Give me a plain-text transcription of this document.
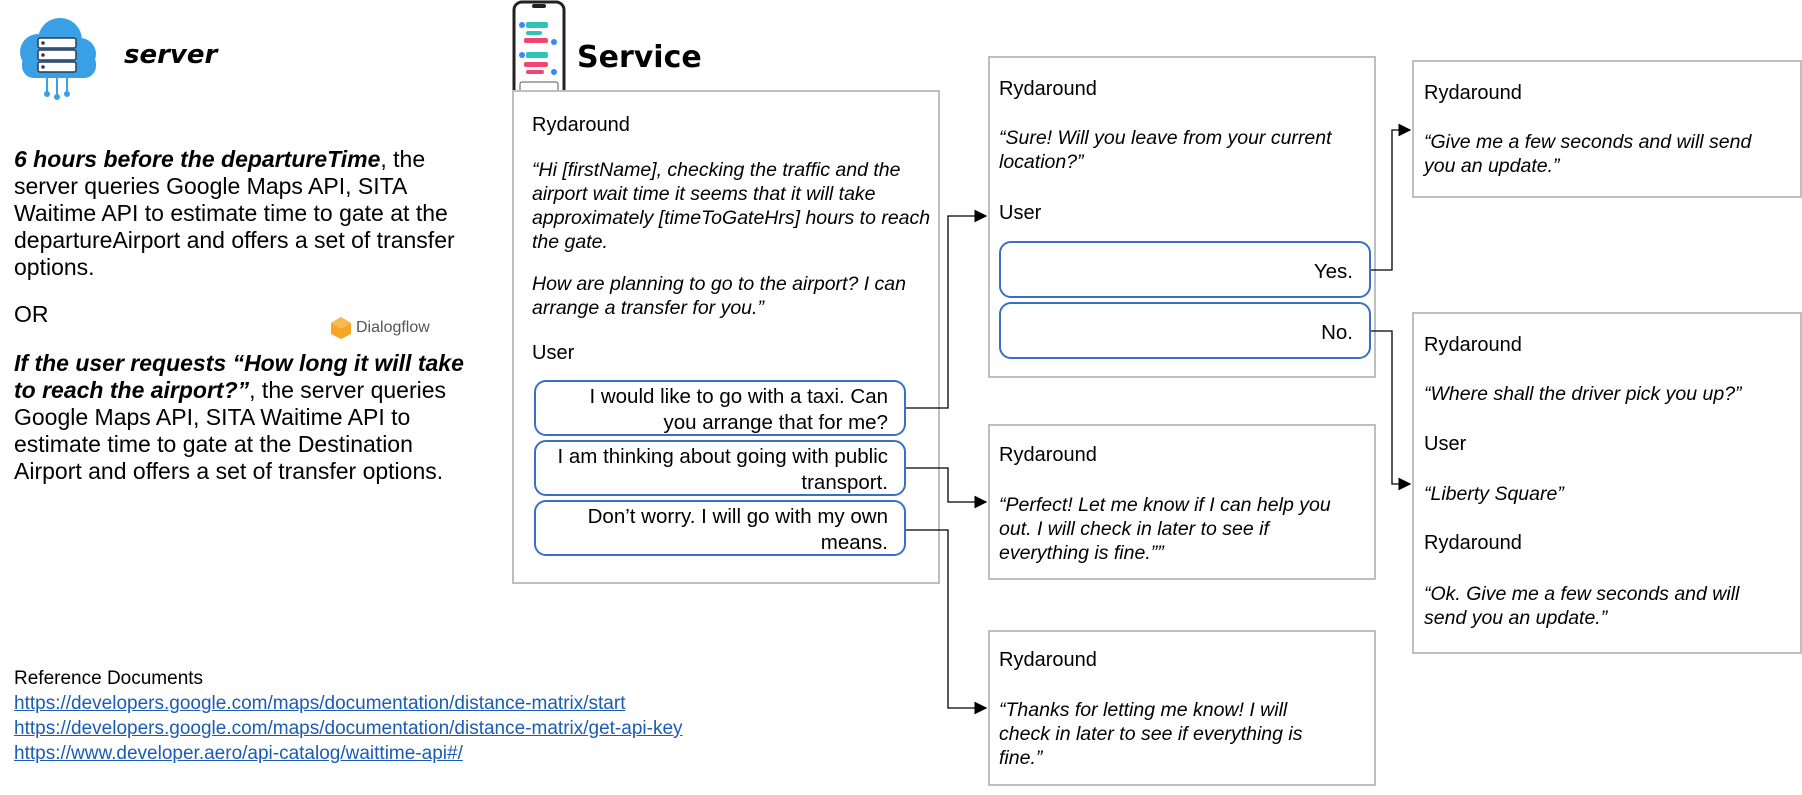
server	Service
6 hours before the departureTime, the server queries Google Maps API, SITA Waitime API to estimate time to gate at the departureAirport and offers a set of transfer options.
OR
Dialogflow
If the user requests “How long it will take to reach the airport?”, the server queries Google Maps API, SITA Waitime API to estimate time to gate at the Destination Airport and offers a set of transfer options.
Reference Documents
https://developers.google.com/maps/documentation/distance-matrix/start
https://developers.google.com/maps/documentation/distance-matrix/get-api-key
https://www.developer.aero/api-catalog/waittime-api#/
Rydaround
“Hi [firstName], checking the traffic and the airport wait time it seems that it will take approximately [timeToGateHrs] hours to reach the gate.
How are planning to go to the airport? I can arrange a transfer for you.”
User
I would like to go with a taxi. Can you arrange that for me?
I am thinking about going with public transport.
Don’t worry. I will go with my own means.
Rydaround
“Sure! Will you leave from your current location?”
User
Yes.
No.
Rydaround
“Perfect! Let me know if I can help you out. I will check in later to see if everything is fine.””
Rydaround
“Thanks for letting me know! I will check in later to see if everything is fine.”
Rydaround
“Give me a few seconds and will send you an update.”
Rydaround
“Where shall the driver pick you up?”
User
“Liberty Square”
Rydaround
“Ok. Give me a few seconds and will send you an update.”
